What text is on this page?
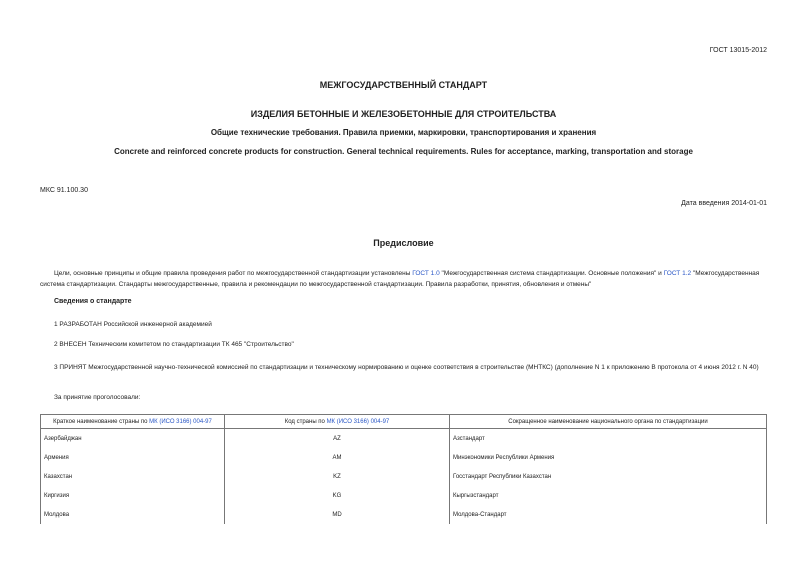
ГОСТ 13015-2012
МЕЖГОСУДАРСТВЕННЫЙ СТАНДАРТ
ИЗДЕЛИЯ БЕТОННЫЕ И ЖЕЛЕЗОБЕТОННЫЕ ДЛЯ СТРОИТЕЛЬСТВА
Общие технические требования. Правила приемки, маркировки, транспортирования и хранения
Concrete and reinforced concrete products for construction. General technical requirements. Rules for acceptance, marking, transportation and storage
МКС 91.100.30
Дата введения 2014-01-01
Предисловие
Цели, основные принципы и общие правила проведения работ по межгосударственной стандартизации установлены ГОСТ 1.0 "Межгосударственная система стандартизации. Основные положения" и ГОСТ 1.2 "Межгосударственная система стандартизации. Стандарты межгосударственные, правила и рекомендации по межгосударственной стандартизации. Правила разработки, принятия, обновления и отмены"
Сведения о стандарте
1 РАЗРАБОТАН Российской инженерной академией
2 ВНЕСЕН Техническим комитетом по стандартизации ТК 465 "Строительство"
3 ПРИНЯТ Межгосударственной научно-технической комиссией по стандартизации и техническому нормированию и оценке соответствия в строительстве (МНТКС) (дополнение N 1 к приложению В протокола от 4 июня 2012 г. N 40)
За принятие проголосовали:
Краткое наименование страны по МК (ИСО 3166) 004-97	Код страны по МК (ИСО 3166) 004-97	Сокращенное наименование национального органа по стандартизации
Азербайджан	AZ	Азстандарт
Армения	AM	Минэкономики Республики Армения
Казахстан	KZ	Госстандарт Республики Казахстан
Киргизия	KG	Кыргызстандарт
Молдова	MD	Молдова-Стандарт
